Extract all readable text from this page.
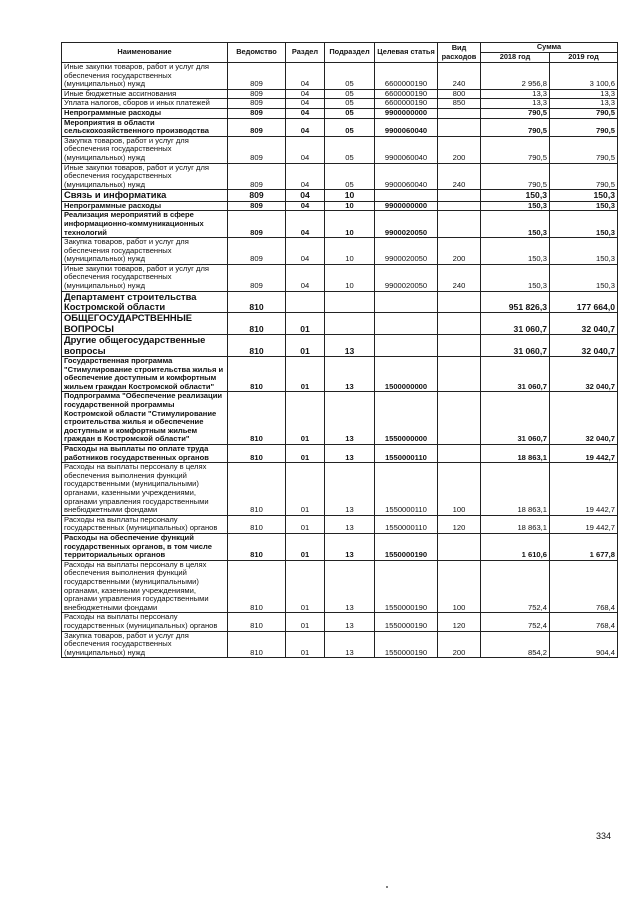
Наименование	Ведомство	Раздел	Подраздел	Целевая статья	Вид расходов	Сумма	
						2018 год	2019 год
Иные закупки товаров, работ и услуг для обеспечения государственных (муниципальных) нужд	809	04	05	6600000190	240	2 956,8	3 100,6
Иные бюджетные ассигнования	809	04	05	6600000190	800	13,3	13,3
Уплата налогов, сборов и иных платежей	809	04	05	6600000190	850	13,3	13,3
Непрограммные расходы	809	04	05	9900000000		790,5	790,5
Мероприятия в области сельскохозяйственного производства	809	04	05	9900060040		790,5	790,5
Закупка товаров, работ и услуг для обеспечения государственных (муниципальных) нужд	809	04	05	9900060040	200	790,5	790,5
Иные закупки товаров, работ и услуг для обеспечения государственных (муниципальных) нужд	809	04	05	9900060040	240	790,5	790,5
Связь и информатика	809	04	10			150,3	150,3
Непрограммные расходы	809	04	10	9900000000		150,3	150,3
Реализация мероприятий в сфере информационно-коммуникационных технологий	809	04	10	9900020050		150,3	150,3
Закупка товаров, работ и услуг для обеспечения государственных (муниципальных) нужд	809	04	10	9900020050	200	150,3	150,3
Иные закупки товаров, работ и услуг для обеспечения государственных (муниципальных) нужд	809	04	10	9900020050	240	150,3	150,3
Департамент строительства Костромской области	810					951 826,3	177 664,0
ОБЩЕГОСУДАРСТВЕННЫЕ ВОПРОСЫ	810	01				31 060,7	32 040,7
Другие общегосударственные вопросы	810	01	13			31 060,7	32 040,7
Государственная программа "Стимулирование строительства жилья и обеспечение доступным и комфортным жильем граждан Костромской области"	810	01	13	1500000000		31 060,7	32 040,7
Подпрограмма "Обеспечение реализации государственной программы Костромской области "Стимулирование строительства жилья и обеспечение доступным и комфортным жильем граждан в Костромской области"	810	01	13	1550000000		31 060,7	32 040,7
Расходы на выплаты по оплате труда работников государственных органов	810	01	13	1550000110		18 863,1	19 442,7
Расходы на выплаты персоналу в целях обеспечения выполнения функций государственными (муниципальными) органами, казенными учреждениями, органами управления государственными внебюджетными фондами	810	01	13	1550000110	100	18 863,1	19 442,7
Расходы на выплаты персоналу государственных (муниципальных) органов	810	01	13	1550000110	120	18 863,1	19 442,7
Расходы на обеспечение функций государственных органов, в том числе территориальных органов	810	01	13	1550000190		1 610,6	1 677,8
Расходы на выплаты персоналу в целях обеспечения выполнения функций государственными (муниципальными) органами, казенными учреждениями, органами управления государственными внебюджетными фондами	810	01	13	1550000190	100	752,4	768,4
Расходы на выплаты персоналу государственных (муниципальных) органов	810	01	13	1550000190	120	752,4	768,4
Закупка товаров, работ и услуг для обеспечения государственных (муниципальных) нужд	810	01	13	1550000190	200	854,2	904,4
334
